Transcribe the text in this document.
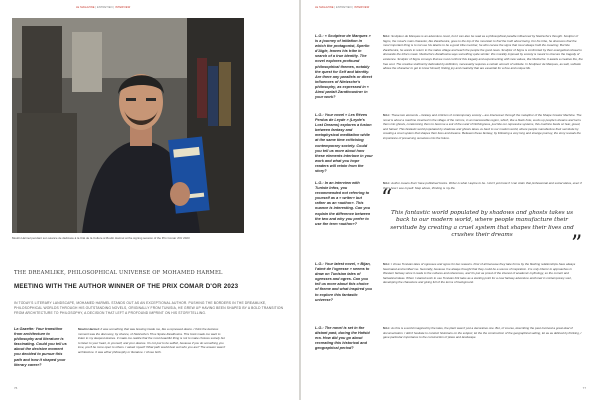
LE MAGAZINE | ENTRETIEN | INTERVIEW
Moulin Harmel pendant son séance de dédicace à la Cité de la Culture à Moulin Harmel at the signing session of the Prix Comar d'Or 2023
THE DREAMLIKE, PHILOSOPHICAL UNIVERSE OF MOHAMED HARMEL
MEETING WITH THE AUTHOR WINNER OF THE PRIX COMAR D'OR 2023
IN TODAY'S LITERARY LANDSCAPE, MOHAMED HARMEL STANDS OUT AS AN EXCEPTIONAL AUTHOR. PUSHING THE BORDERS IN THE DREAMLIKE, PHILOSOPHICAL WORLDS THROUGH HIS OUTSTANDING NOVELS, ORIGINALLY FROM TUNISIA, HE GREW UP HAVING BEEN SHAPED BY A BOLD TRANSITION FROM ARCHITECTURE TO PHILOSOPHY, A DECISION THAT LEFT A PROFOUND IMPRINT ON HIS STORYTELLING.
La Gazette: Your transition from architecture to philosophy and literature is fascinating. Could you tell us about the decisive moment you decided to pursue this path and how it shaped your literary career?
Moulin Harmel: It was something that was brewing inside me, like a repressed desire. I think the decisive moment was the discovery, by chance, of Nietzsche's Thus Spoke Zarathustra. This book made me want to listen to my deepest desires. It made me realize that the most beautiful thing is not to make choices society but to listen to your heart, to yourself, and your desires. It's not just to be selfish, because if you do something you love, you'll be more open to others. I asked myself: What path would best suit who you are? The answer wasn't architecture. It was either philosophy or literature. I chose both.
76
LE MAGAZINE | ENTRETIEN | INTERVIEW
L.G.: « Sculpteur de Marques » is a journey of initiation in which the protagonist, Sperlin d'Aigle, leaves his tribe in search of a true identity. The novel explores profound philosophical themes, notably the quest for Self and Identity. Are there any parallels or direct influences of Nietzsche's philosophy, as expressed in « Ainsi parlait Zarathoustra» in your work?
M.H.: Sculpteur de Marques is an adventure novel, but it can also be read as a philosophical parable influenced by Nietzsche's thought. Sculptor of Signs, the novel's main character, like Zarathustra, goes to the top of the mountain to find the truth about being. For his tribe, he discovers that the most important thing is to not use his talents to be a good tribe member, he who carves the signs that must always hold the meaning. But like Zarathustra, he wants to return to the native village and teach the people the good news. Sculptor of Signs is confronted by their evangelical refusal to dismantle the tribe's mask. Nietzsche's Zarathustra says something quite similar: this morality imposed by society is meant to obscure the tragedy of existence. Sculptor of Signs conveys that we must confront this tragedy and experimenting with new values, like Nietzsche. It awaits a creative fire, the free soul. The creative stubbornly defended by definition, necessarily requires a certain amount of solitude. In Sculpteur de Marques, as well, solitude allows the character to get to know himself, finding joy and creativity that are essential for a free and unique life.
L.G.: Your novel « Les Rêves Perdus de Leyde » (Leyde's Lost Dreams) explores a fusion between fantasy and metaphysical meditation while at the same time criticising contemporary society. Could you tell us more about how these elements interlace in your work and what you hope readers will retain from the story?
M.H.: These two elements – fantasy and criticism of contemporary society – are interwoven through the metaphor of the Shape Creator Machine. The novel is about a machine invented in the village of the mirrors, in an inaccessible region, which, like a black hole, sucks up people's dreams and turns them into ghosts, condemning them to become a suit of the Land of Nothingness, just like our repressive systems, this machine feeds on fear, greed, and hatred. This fantastic world populated by shadows and ghosts takes us back to our modern world, where people manufacture their servitude by creating a cruel system that shapes their lives and dreams. Between these fantasy, by following a very long and strange journey, the story reveals the importance of preserving ourselves into the future.
L.G.: In an interview with Tunisie Infos, you recommended not referring to yourself as a « writer» but rather as an «author». This nuance is interesting. Can you explain the difference between the two and why you prefer to use the term «author»?
M.H.: Author means that I have published books. Writer is what I aspire to be. I don't yet know if I can claim that professional and social status, even if that's how I see myself. Step above, thinking is my life.
“
This fantastic world populated by shadows and ghosts takes us back to our modern world, where people manufacture their servitude by creating a cruel system that shapes their lives and crushes their dreams	”
L.G.: Your latest novel, « Bijan, l'aimé de l'ogresse » seems to draw on Tunisian tales of ogresses and ogres. Can you tell us more about this choice of theme and what inspired you to explore this fantastic universe?
M.H.: I chose Tunisian tales of ogresses and ogres for two reasons. First of all because they take forms by the fleshing relationships have always fascinated and terrified me. Secondly, because I've always thought that they could be a source of inspiration. It is only inferior to approaches in Western fantasy since it reads to the cultures and references, and it's just as proud of the interest of academic mythology, so the current and fantastical ideas. When I started work to use Tunisian folk tales as a starting point for a new fantasy adventure anchored in contemporary soul, developing the characters and giving full of the terms of background.
L.G.: The novel is set in the distant past, during the Hafsid era. How did you go about recreating this historical and geographical period?
M.H.: As this is a world imagined by the tales, the plant wasn't just a decorative one. But, of course, describing the past involved a great deal of documentation. I didn't hesitate to conduct historians on the subject, let the the construction of the geographical setting, let as as defined by thinking, I gave particular importance to the construction of place and landscape.
77
